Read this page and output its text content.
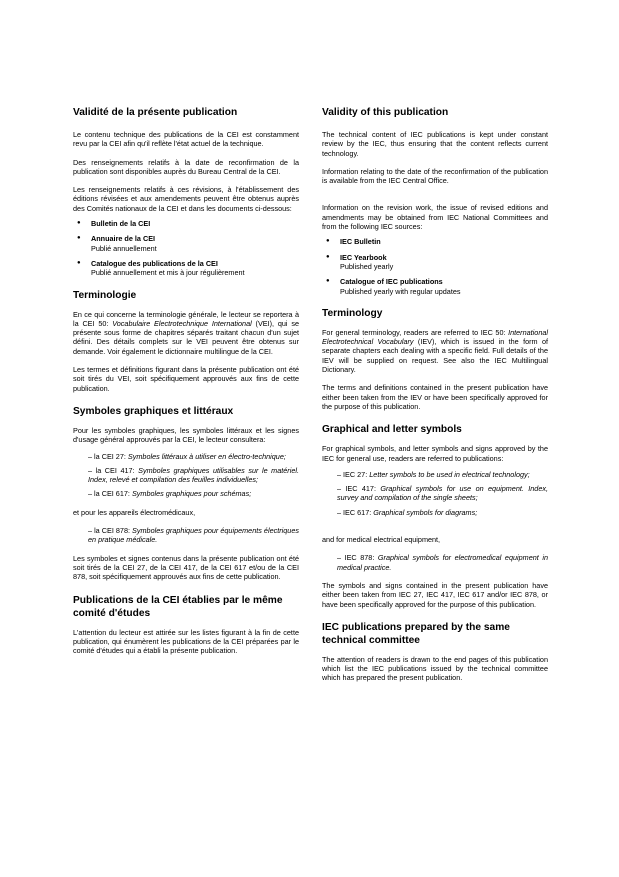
Validité de la présente publication

Le contenu technique des publications de la CEI est constamment revu par la CEI afin qu'il reflète l'état actuel de la technique.

Des renseignements relatifs à la date de reconfirmation de la publication sont disponibles auprès du Bureau Central de la CEI.

Les renseignements relatifs à ces révisions, à l'établissement des éditions révisées et aux amendements peuvent être obtenus auprès des Comités nationaux de la CEI et dans les documents ci-dessous:

● Bulletin de la CEI
● Annuaire de la CEI
Publié annuellement
● Catalogue des publications de la CEI
Publié annuellement et mis à jour régulièrement
Terminologie

En ce qui concerne la terminologie générale, le lecteur se reportera à la CEI 50: Vocabulaire Electrotechnique International (VEI), qui se présente sous forme de chapitres séparés traitant chacun d'un sujet défini. Des détails complets sur le VEI peuvent être obtenus sur demande. Voir également le dictionnaire multilingue de la CEI.

Les termes et définitions figurant dans la présente publication ont été soit tirés du VEI, soit spécifiquement approuvés aux fins de cette publication.

Symboles graphiques et littéraux

Pour les symboles graphiques, les symboles littéraux et les signes d'usage général approuvés par la CEI, le lecteur consultera:

– la CEI 27: Symboles littéraux à utiliser en électro-technique;
– la CEI 417: Symboles graphiques utilisables sur le matériel. Index, relevé et compilation des feuilles individuelles;
– la CEI 617: Symboles graphiques pour schémas;

et pour les appareils électromédicaux,

– la CEI 878: Symboles graphiques pour équipements électriques en pratique médicale.

Les symboles et signes contenus dans la présente publication ont été soit tirés de la CEI 27, de la CEI 417, de la CEI 617 et/ou de la CEI 878, soit spécifiquement approuvés aux fins de cette publication.

Publications de la CEI établies par le même comité d'études

L'attention du lecteur est attirée sur les listes figurant à la fin de cette publication, qui énumèrent les publications de la CEI préparées par le comité d'études qui a établi la présente publication.

Validity of this publication

The technical content of IEC publications is kept under constant review by the IEC, thus ensuring that the content reflects current technology.

Information relating to the date of the reconfirmation of the publication is available from the IEC Central Office.

Information on the revision work, the issue of revised editions and amendments may be obtained from IEC National Committees and from the following IEC sources:

● IEC Bulletin
● IEC Yearbook
Published yearly
● Catalogue of IEC publications
Published yearly with regular updates
Terminology

For general terminology, readers are referred to IEC 50: International Electrotechnical Vocabulary (IEV), which is issued in the form of separate chapters each dealing with a specific field. Full details of the IEV will be supplied on request. See also the IEC Multilingual Dictionary.

The terms and definitions contained in the present publication have either been taken from the IEV or have been specifically approved for the purpose of this publication.

Graphical and letter symbols

For graphical symbols, and letter symbols and signs approved by the IEC for general use, readers are referred to publications:

– IEC 27: Letter symbols to be used in electrical technology;
– IEC 417: Graphical symbols for use on equipment. Index, survey and compilation of the single sheets;
– IEC 617: Graphical symbols for diagrams;

and for medical electrical equipment,

– IEC 878: Graphical symbols for electromedical equipment in medical practice.

The symbols and signs contained in the present publication have either been taken from IEC 27, IEC 417, IEC 617 and/or IEC 878, or have been specifically approved for the purpose of this publication.

IEC publications prepared by the same technical committee

The attention of readers is drawn to the end pages of this publication which list the IEC publications issued by the technical committee which has prepared the present publication.
